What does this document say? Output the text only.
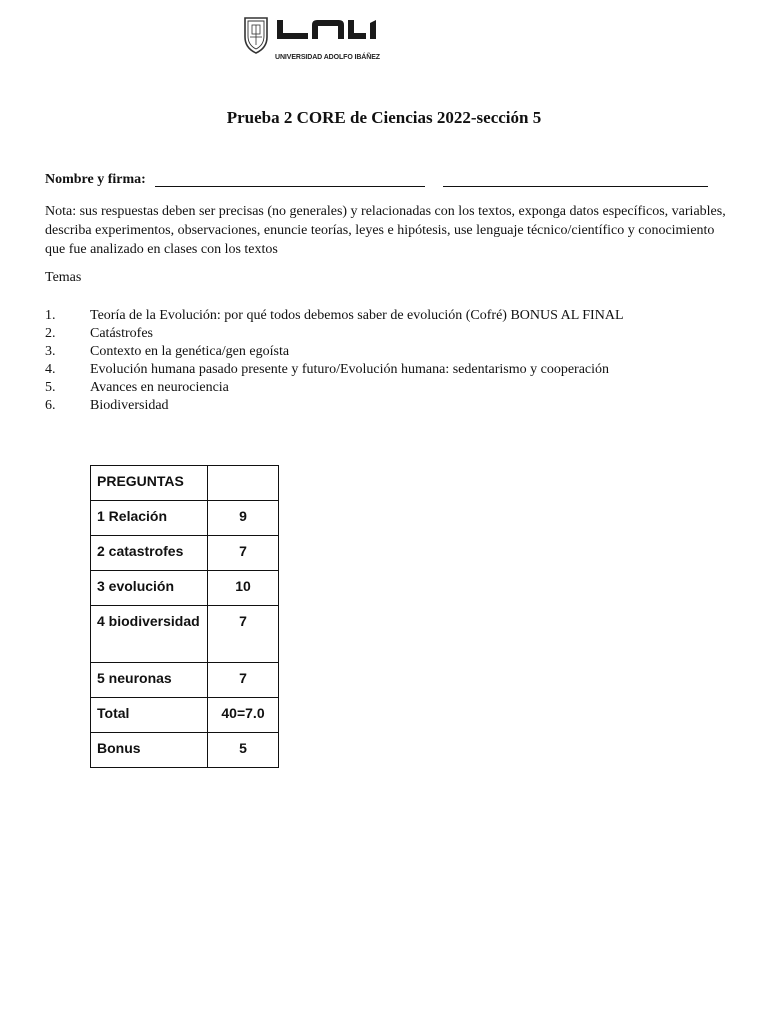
UNIVERSIDAD ADOLFO IBÁÑEZ
Prueba 2 CORE de Ciencias 2022-sección 5
Nombre y firma:
Nota: sus respuestas deben ser precisas (no generales) y relacionadas con los textos, exponga datos específicos, variables, describa experimentos, observaciones, enuncie teorías, leyes e hipótesis, use lenguaje técnico/científico y conocimiento que fue analizado en clases con los textos
Temas
1.	Teoría de la Evolución: por qué todos debemos saber de evolución (Cofré) BONUS AL FINAL
2.	Catástrofes
3.	Contexto en la genética/gen egoísta
4.	Evolución humana pasado presente y futuro/Evolución humana: sedentarismo y cooperación
5.	Avances en neurociencia
6.	Biodiversidad
PREGUNTAS	
1 Relación	9
2 catastrofes	7
3 evolución	10
4 biodiversidad	7
5 neuronas	7
Total	40=7.0
Bonus	5
